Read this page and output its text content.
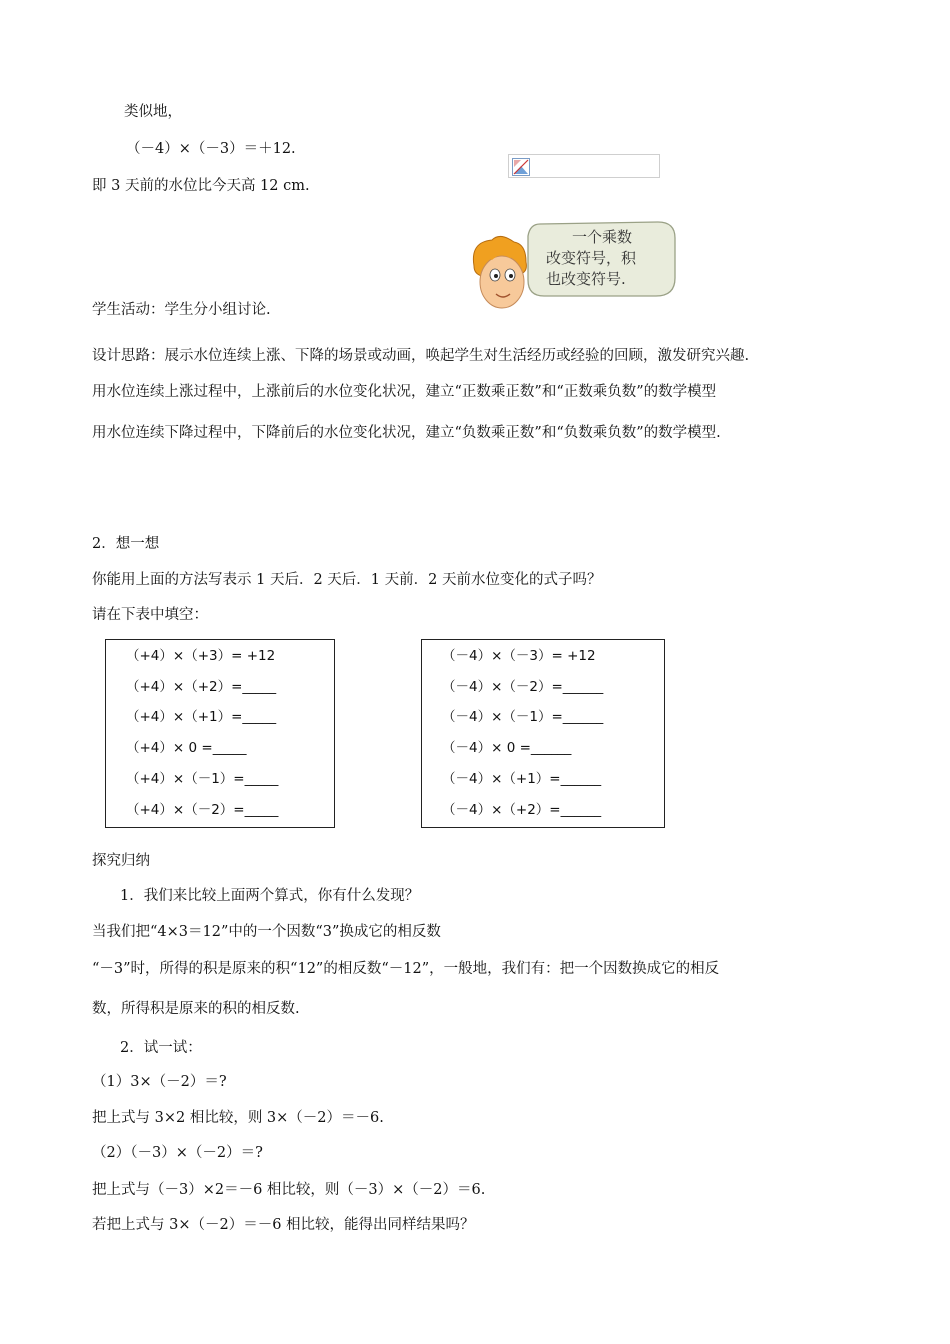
类似地，
（－4）×（－3）＝＋12.
即 3 天前的水位比今天高 12 cm.
一个乘数
改变符号，积
也改变符号.
学生活动：学生分小组讨论.
设计思路：展示水位连续上涨、下降的场景或动画，唤起学生对生活经历或经验的回顾，激发研究兴趣.
用水位连续上涨过程中，上涨前后的水位变化状况，建立“正数乘正数”和“正数乘负数”的数学模型
用水位连续下降过程中，下降前后的水位变化状况，建立“负数乘正数”和“负数乘负数”的数学模型.
2．想一想
你能用上面的方法写表示 1 天后．2 天后．1 天前．2 天前水位变化的式子吗？
请在下表中填空：
（+4）×（+3）= +12
（+4）×（+2）=_____
（+4）×（+1）=_____
（+4）× 0 =_____
（+4）×（－1）=_____
（+4）×（－2）=_____
（－4）×（－3）= +12
（－4）×（－2）=______
（－4）×（－1）=______
（－4）× 0 =______
（－4）×（+1）=______
（－4）×（+2）=______
探究归纳
1．我们来比较上面两个算式，你有什么发现？
当我们把“4×3＝12”中的一个因数“3”换成它的相反数
“－3”时，所得的积是原来的积“12”的相反数“－12”，一般地，我们有：把一个因数换成它的相反
数，所得积是原来的积的相反数.
2．试一试：
（1）3×（－2）＝?
把上式与 3×2 相比较，则 3×（－2）＝－6.
（2）（－3）×（－2）＝?
把上式与（－3）×2＝－6 相比较，则（－3）×（－2）＝6.
若把上式与 3×（－2）＝－6 相比较，能得出同样结果吗？
